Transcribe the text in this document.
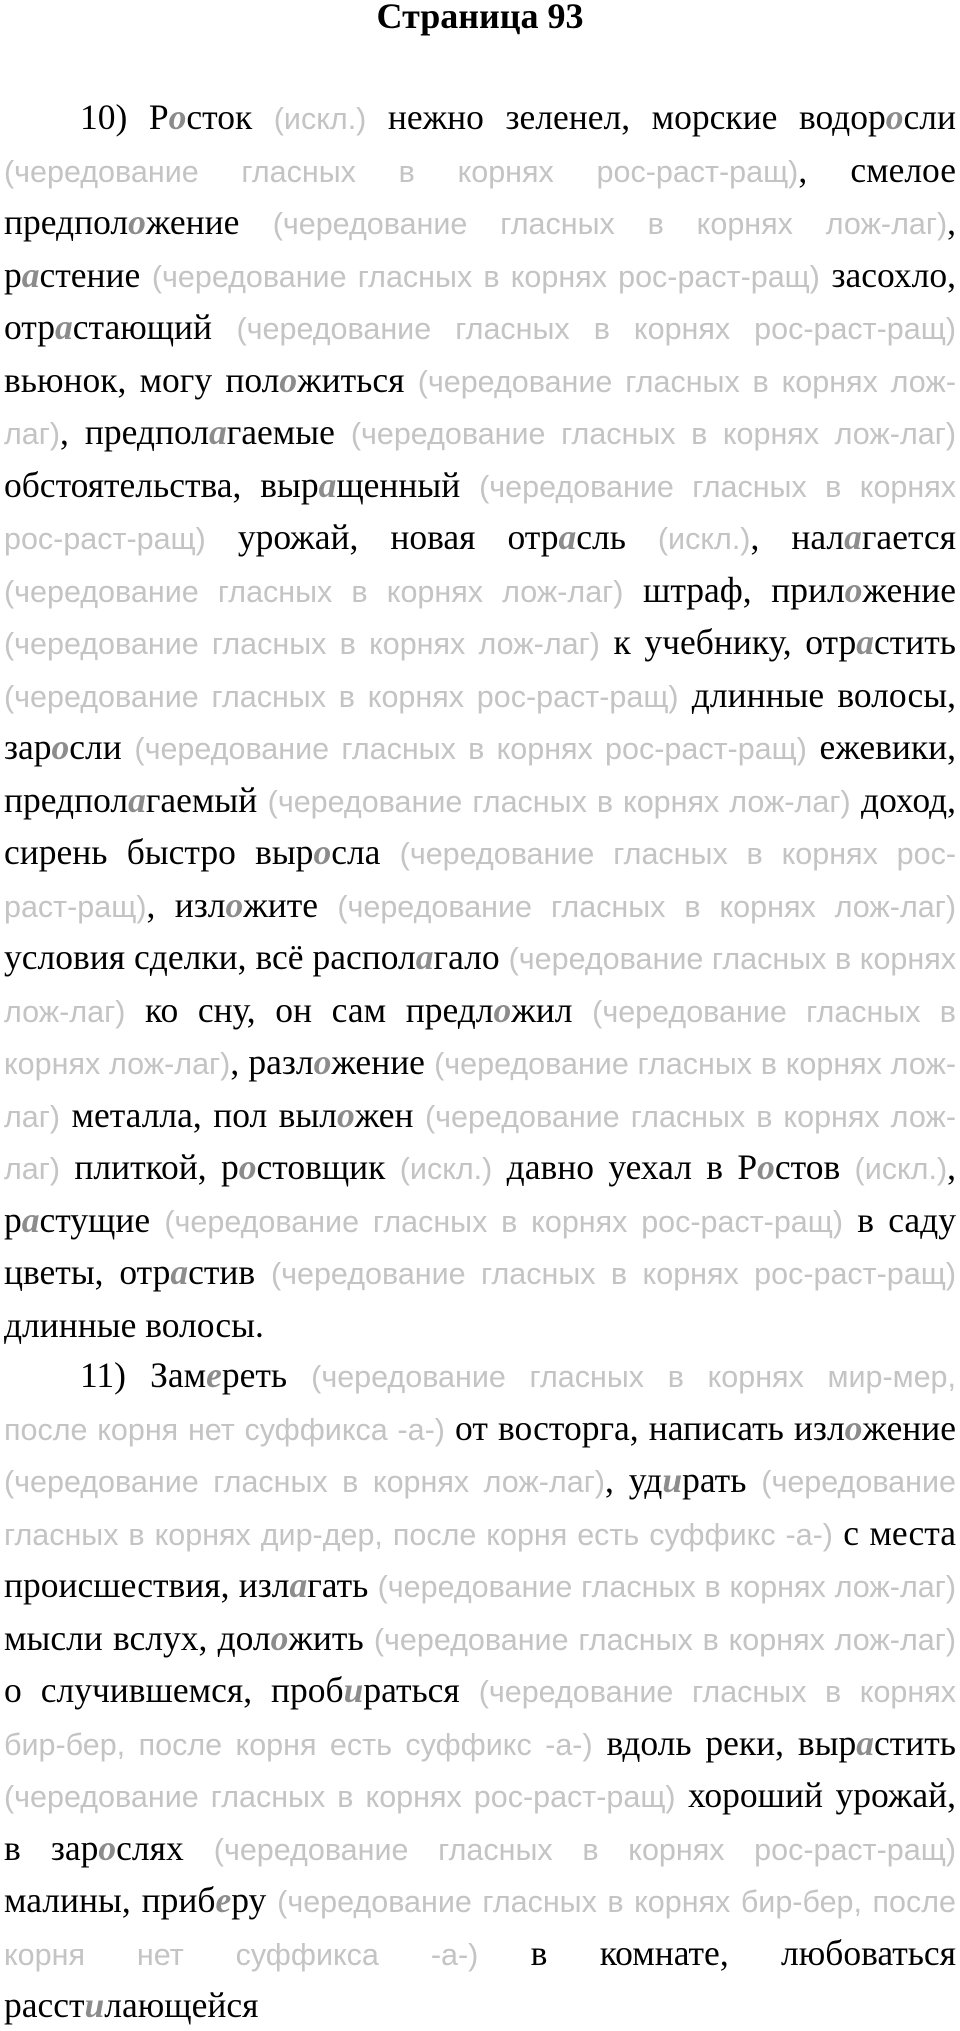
Страница 93

10) Росток (искл.) нежно зеленел, морские водоросли (чередование гласных в корнях рос-раст-ращ), смелое предположение (чередование гласных в корнях лож-лаг), растение (чередование гласных в корнях рос-раст-ращ) засохло, отрастающий (чередование гласных в корнях рос-раст-ращ) вьюнок, могу положиться (чередование гласных в корнях лож-лаг), предполагаемые (чередование гласных в корнях лож-лаг) обстоятельства, выращенный (чередование гласных в корнях рос-раст-ращ) урожай, новая отрасль (искл.), налагается (чередование гласных в корнях лож-лаг) штраф, приложение (чередование гласных в корнях лож-лаг) к учебнику, отрастить (чередование гласных в корнях рос-раст-ращ) длинные волосы, заросли (чередование гласных в корнях рос-раст-ращ) ежевики, предполагаемый (чередование гласных в корнях лож-лаг) доход, сирень быстро выросла (чередование гласных в корнях рос-раст-ращ), изложите (чередование гласных в корнях лож-лаг) условия сделки, всё располагало (чередование гласных в корнях лож-лаг) ко сну, он сам предложил (чередование гласных в корнях лож-лаг), разложение (чередование гласных в корнях лож-лаг) металла, пол выложен (чередование гласных в корнях лож-лаг) плиткой, ростовщик (искл.) давно уехал в Ростов (искл.), растущие (чередование гласных в корнях рос-раст-ращ) в саду цветы, отрастив (чередование гласных в корнях рос-раст-ращ) длинные волосы.

11) Замереть (чередование гласных в корнях мир-мер, после корня нет суффикса -а-) от восторга, написать изложение (чередование гласных в корнях лож-лаг), удирать (чередование гласных в корнях дир-дер, после корня есть суффикс -а-) с места происшествия, излагать (чередование гласных в корнях лож-лаг) мысли вслух, доложить (чередование гласных в корнях лож-лаг) о случившемся, пробираться (чередование гласных в корнях бир-бер, после корня есть суффикс -а-) вдоль реки, вырастить (чередование гласных в корнях рос-раст-ращ) хороший урожай, в зарослях (чередование гласных в корнях рос-раст-ращ) малины, приберу (чередование гласных в корнях бир-бер, после корня нет суффикса -а-) в комнате, любоваться расстилающейся
